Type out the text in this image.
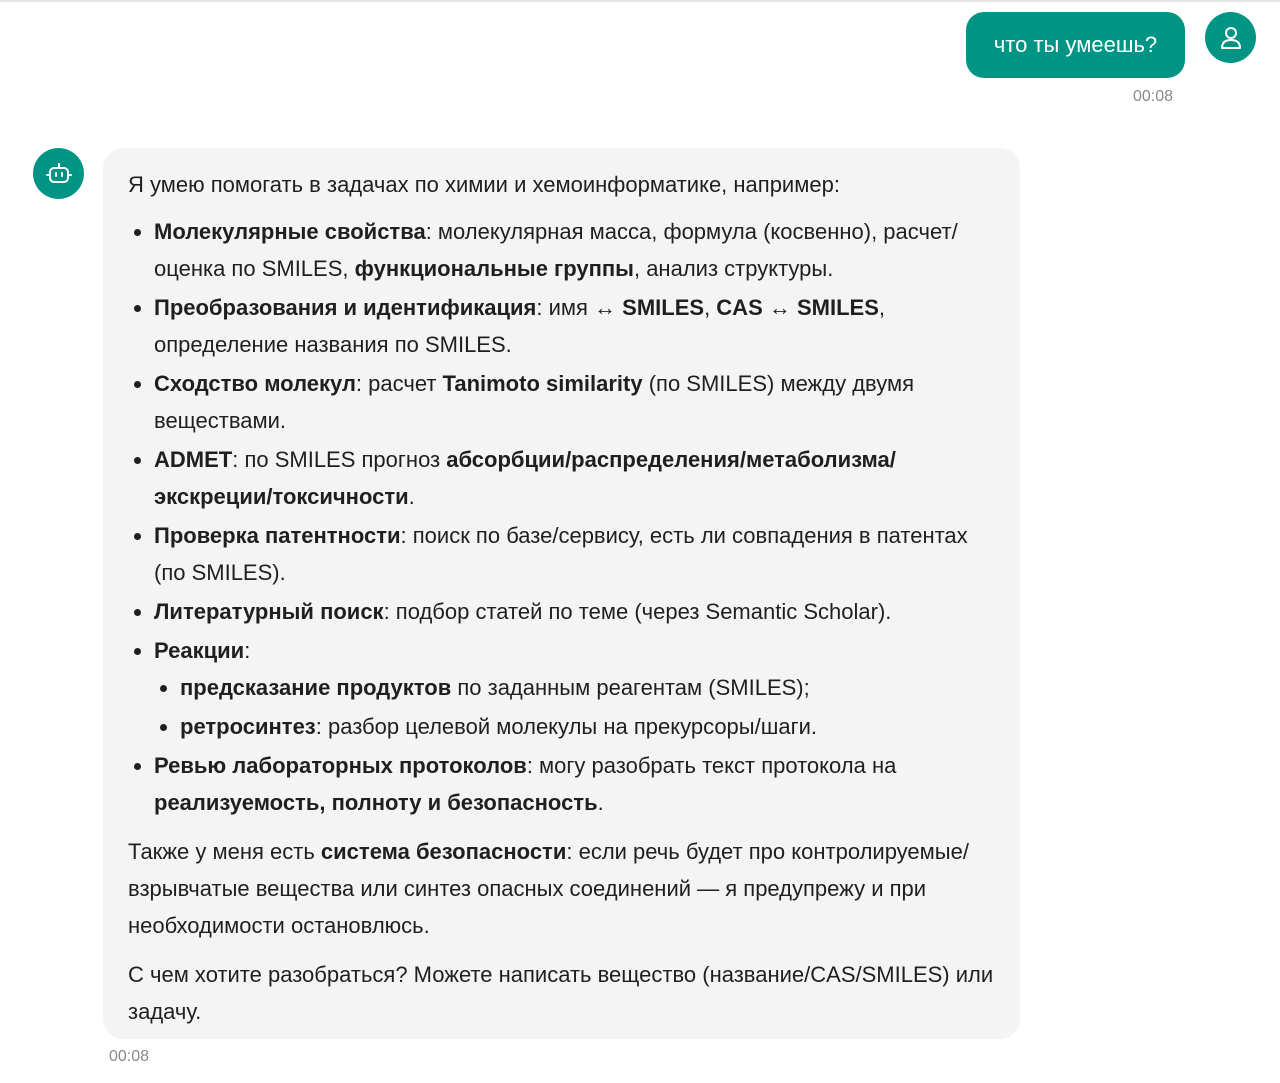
что ты умеешь?
00:08

Я умею помогать в задачах по химии и хемоинформатике, например:

• Молекулярные свойства: молекулярная масса, формула (косвенно), расчет/оценка по SMILES, функциональные группы, анализ структуры.
• Преобразования и идентификация: имя ↔ SMILES, CAS ↔ SMILES, определение названия по SMILES.
• Сходство молекул: расчет Tanimoto similarity (по SMILES) между двумя веществами.
• ADMET: по SMILES прогноз абсорбции/распределения/метаболизма/экскреции/токсичности.
• Проверка патентности: поиск по базе/сервису, есть ли совпадения в патентах (по SMILES).
• Литературный поиск: подбор статей по теме (через Semantic Scholar).
• Реакции:
• предсказание продуктов по заданным реагентам (SMILES);
• ретросинтез: разбор целевой молекулы на прекурсоры/шаги.
• Ревью лабораторных протоколов: могу разобрать текст протокола на реализуемость, полноту и безопасность.

Также у меня есть система безопасности: если речь будет про контролируемые/взрывчатые вещества или синтез опасных соединений — я предупрежу и при необходимости остановлюсь.

С чем хотите разобраться? Можете написать вещество (название/CAS/SMILES) или задачу.

00:08
